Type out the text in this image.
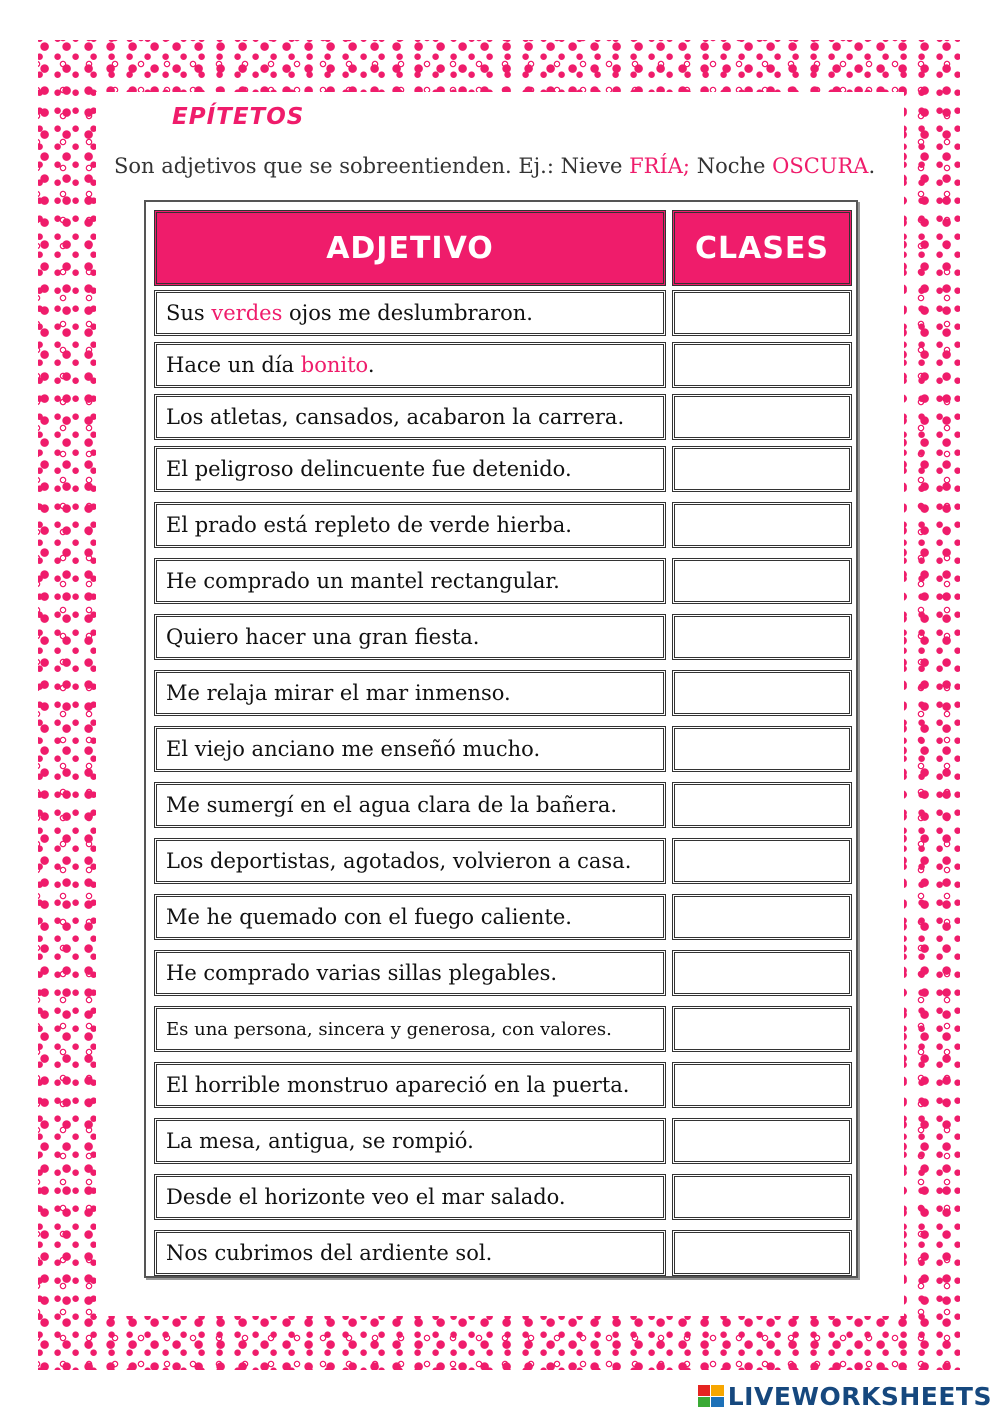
EPÍTETOS

Son adjetivos que se sobreentienden. Ej.: Nieve FRÍA; Noche OSCURA.

ADJETIVO	CLASES
Sus verdes ojos me deslumbraron.
Hace un día bonito.
Los atletas, cansados, acabaron la carrera.
El peligroso delincuente fue detenido.
El prado está repleto de verde hierba.
He comprado un mantel rectangular.
Quiero hacer una gran fiesta.
Me relaja mirar el mar inmenso.
El viejo anciano me enseñó mucho.
Me sumergí en el agua clara de la bañera.
Los deportistas, agotados, volvieron a casa.
Me he quemado con el fuego caliente.
He comprado varias sillas plegables.
Es una persona, sincera y generosa, con valores.
El horrible monstruo apareció en la puerta.
La mesa, antigua, se rompió.
Desde el horizonte veo el mar salado.
Nos cubrimos del ardiente sol.
LIVEWORKSHEETS
